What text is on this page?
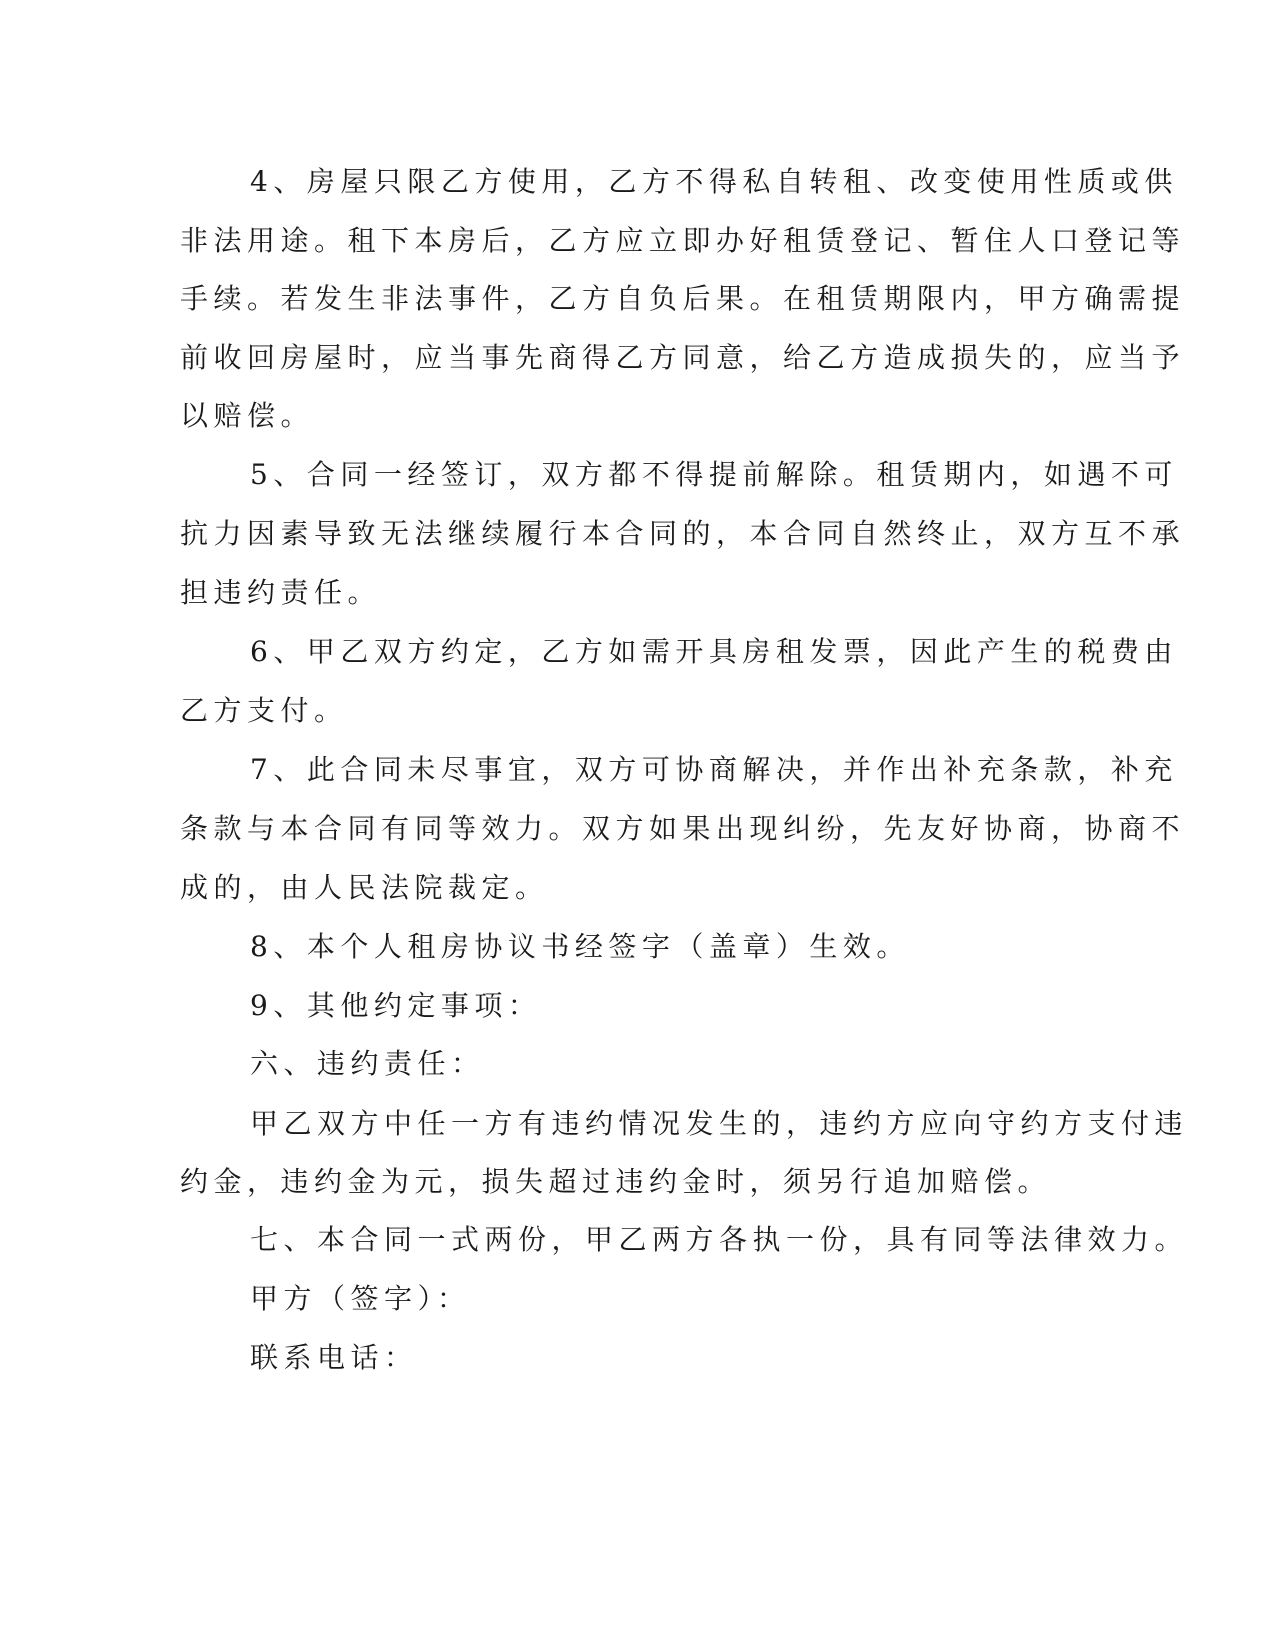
4、房屋只限乙方使用，乙方不得私自转租、改变使用性质或供
非法用途。租下本房后，乙方应立即办好租赁登记、暂住人口登记等
手续。若发生非法事件，乙方自负后果。在租赁期限内，甲方确需提
前收回房屋时，应当事先商得乙方同意，给乙方造成损失的，应当予
以赔偿。
5、合同一经签订，双方都不得提前解除。租赁期内，如遇不可
抗力因素导致无法继续履行本合同的，本合同自然终止，双方互不承
担违约责任。
6、甲乙双方约定，乙方如需开具房租发票，因此产生的税费由
乙方支付。
7、此合同未尽事宜，双方可协商解决，并作出补充条款，补充
条款与本合同有同等效力。双方如果出现纠纷，先友好协商，协商不
成的，由人民法院裁定。
8、本个人租房协议书经签字（盖章）生效。
9、其他约定事项：
六、违约责任：
甲乙双方中任一方有违约情况发生的，违约方应向守约方支付违
约金，违约金为元，损失超过违约金时，须另行追加赔偿。
七、本合同一式两份，甲乙两方各执一份，具有同等法律效力。
甲方（签字）：
联系电话：
